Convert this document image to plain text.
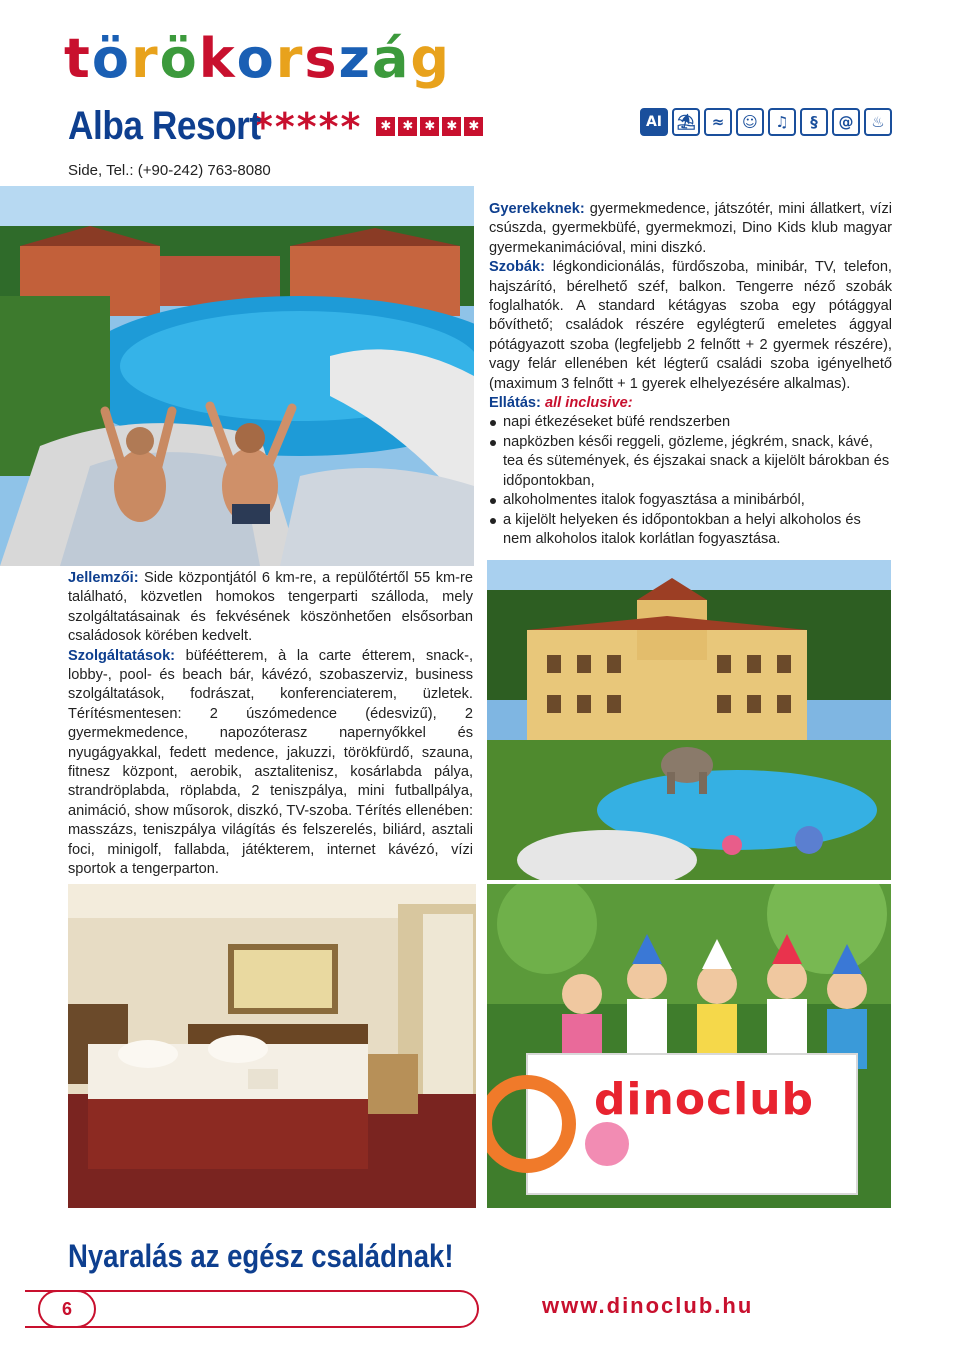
t ö r ö k o r s z á g
Alba Resort
*****	✱ ✱ ✱ ✱ ✱
Side, Tel.: (+90-242) 763-8080
AI ⛱	≈	☺	♫	§	@	♨

Gyerekeknek: gyermekmedence, játszótér, mini állatkert, vízi csúszda, gyermekbüfé, gyermekmozi, Dino Kids klub magyar gyermekanimációval, mini diszkó.

Szobák: légkondicionálás, fürdőszoba, minibár, TV, telefon, hajszárító, bérelhető széf, balkon. Tengerre néző szobák foglalhatók. A standard kétágyas szoba egy pótággyal bővíthető; családok részére egylégterű emeletes ággyal pótágyazott szoba (legfeljebb 2 felnőtt + 2 gyermek részére), vagy felár ellenében két légterű családi szoba igényelhető (maximum 3 felnőtt + 1 gyerek elhelyezésére alkalmas).

Ellátás: all inclusive:

napi étkezéseket büfé rendszerben
napközben késői reggeli, gözleme, jégkrém, snack, kávé, tea és sütemények, és éjszakai snack a kijelölt bárokban és időpontokban,
alkoholmentes italok fogyasztása a minibárból,
a kijelölt helyeken és időpontokban a helyi alkoholos és nem alkoholos italok korlátlan fogyasztása.

Jellemzői: Side központjától 6 km-re, a repülőtértől 55 km-re található, közvetlen homokos tengerparti szálloda, mely szolgáltatásainak és fekvésének köszönhetően elsősorban családosok körében kedvelt.

Szolgáltatások: büféétterem, à la carte étterem, snack-, lobby-, pool- és beach bár, kávézó, szobaszerviz, business szolgáltatások, fodrászat, konferenciaterem, üzletek. Térítésmentesen: 2 úszómedence (édesvizű), 2 gyermekmedence, napozóterasz napernyőkkel és nyugágyakkal, fedett medence, jakuzzi, törökfürdő, szauna, fitnesz központ, aerobik, asztalitenisz, kosárlabda pálya, strandröplabda, röplabda, 2 teniszpálya, mini futballpálya, animáció, show műsorok, diszkó, TV-szoba. Térítés ellenében: masszázs, teniszpálya világítás és felszerelés, biliárd, asztali foci, minigolf, fallabda, játékterem, internet kávézó, vízi sportok a tengerparton.

dinoclub
Nyaralás az egész családnak!
6	www.dinoclub.hu
